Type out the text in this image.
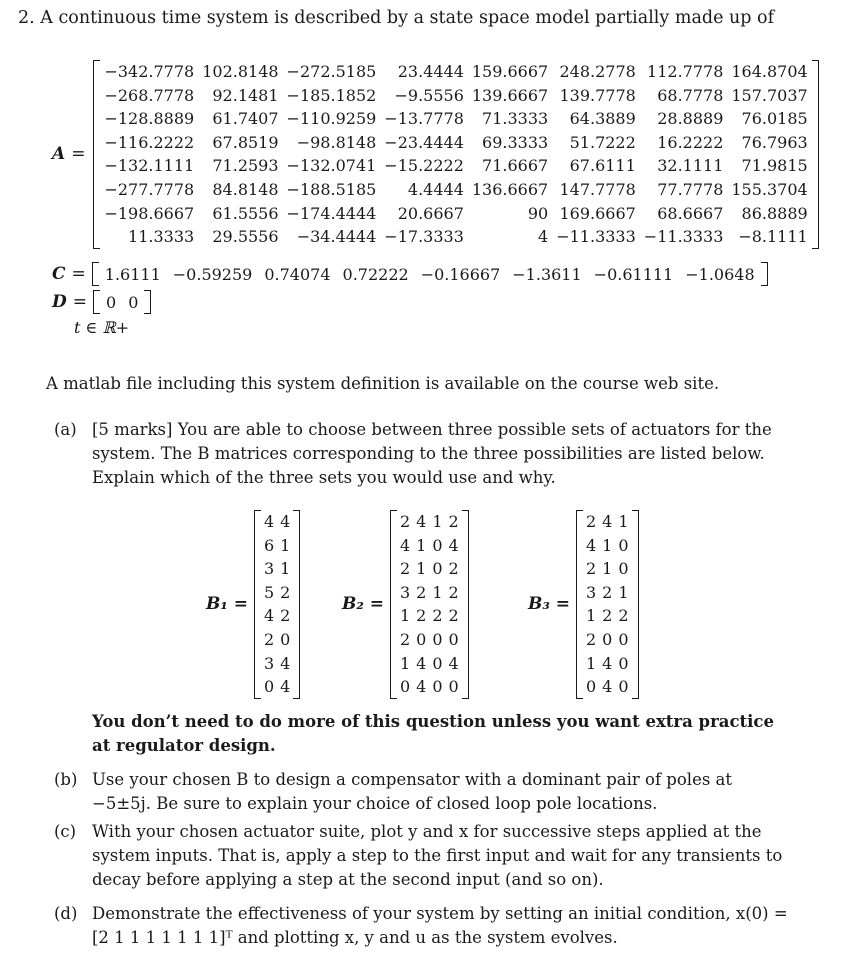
2. A continuous time system is described by a state space model partially made up of
A =
−342.7778	102.8148	−272.5185	23.4444	159.6667	248.2778	112.7778	164.8704
−268.7778	92.1481	−185.1852	−9.5556	139.6667	139.7778	68.7778	157.7037
−128.8889	61.7407	−110.9259	−13.7778	71.3333	64.3889	28.8889	76.0185
−116.2222	67.8519	−98.8148	−23.4444	69.3333	51.7222	16.2222	76.7963
−132.1111	71.2593	−132.0741	−15.2222	71.6667	67.6111	32.1111	71.9815
−277.7778	84.8148	−188.5185	4.4444	136.6667	147.7778	77.7778	155.3704
−198.6667	61.5556	−174.4444	20.6667	90	169.6667	68.6667	86.8889
11.3333	29.5556	−34.4444	−17.3333	4	−11.3333	−11.3333	−8.1111
C =	1.6111 −0.59259 0.74074 0.72222 −0.16667 −1.3611 −0.61111 −1.0648
D =	0 0
t ∈ ℝ+
A matlab file including this system definition is available on the course web site.
(a) [5 marks] You are able to choose between three possible sets of actuators for the system. The B matrices corresponding to the three possibilities are listed below. Explain which of the three sets you would use and why.
B₁ =
4	4
6	1
3	1
5	2
4	2
2	0
3	4
0	4
B₂ =
2	4	1	2
4	1	0	4
2	1	0	2
3	2	1	2
1	2	2	2
2	0	0	0
1	4	0	4
0	4	0	0
B₃ =
2	4	1
4	1	0
2	1	0
3	2	1
1	2	2
2	0	0
1	4	0
0	4	0
You don’t need to do more of this question unless you want extra practice at regulator design.
(b) Use your chosen B to design a compensator with a dominant pair of poles at −5±5j. Be sure to explain your choice of closed loop pole locations.
(c) With your chosen actuator suite, plot y and x for successive steps applied at the system inputs. That is, apply a step to the first input and wait for any transients to decay before applying a step at the second input (and so on).
(d) Demonstrate the effectiveness of your system by setting an initial condition, x(0) = [2 1 1 1 1 1 1 1]ᵀ and plotting x, y and u as the system evolves.
